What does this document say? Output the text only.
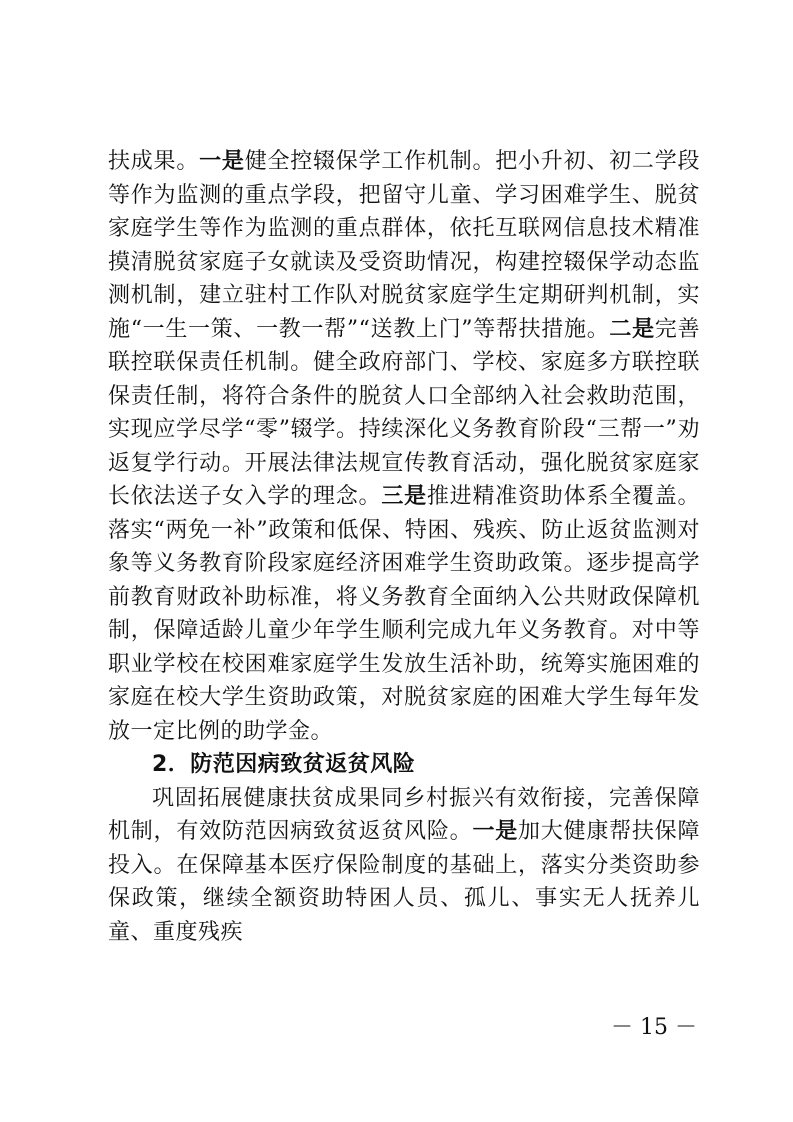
扶成果。一是健全控辍保学工作机制。把小升初、初二学段等作为监测的重点学段，把留守儿童、学习困难学生、脱贫家庭学生等作为监测的重点群体，依托互联网信息技术精准摸清脱贫家庭子女就读及受资助情况，构建控辍保学动态监测机制，建立驻村工作队对脱贫家庭学生定期研判机制，实施“一生一策、一教一帮”“送教上门”等帮扶措施。二是完善联控联保责任机制。健全政府部门、学校、家庭多方联控联保责任制，将符合条件的脱贫人口全部纳入社会救助范围，实现应学尽学“零”辍学。持续深化义务教育阶段“三帮一”劝返复学行动。开展法律法规宣传教育活动，强化脱贫家庭家长依法送子女入学的理念。三是推进精准资助体系全覆盖。落实“两免一补”政策和低保、特困、残疾、防止返贫监测对象等义务教育阶段家庭经济困难学生资助政策。逐步提高学前教育财政补助标准，将义务教育全面纳入公共财政保障机制，保障适龄儿童少年学生顺利完成九年义务教育。对中等职业学校在校困难家庭学生发放生活补助，统筹实施困难的家庭在校大学生资助政策，对脱贫家庭的困难大学生每年发放一定比例的助学金。

2．防范因病致贫返贫风险

巩固拓展健康扶贫成果同乡村振兴有效衔接，完善保障机制，有效防范因病致贫返贫风险。一是加大健康帮扶保障投入。在保障基本医疗保险制度的基础上，落实分类资助参保政策，继续全额资助特困人员、孤儿、事实无人抚养儿童、重度残疾

－ 15 －
